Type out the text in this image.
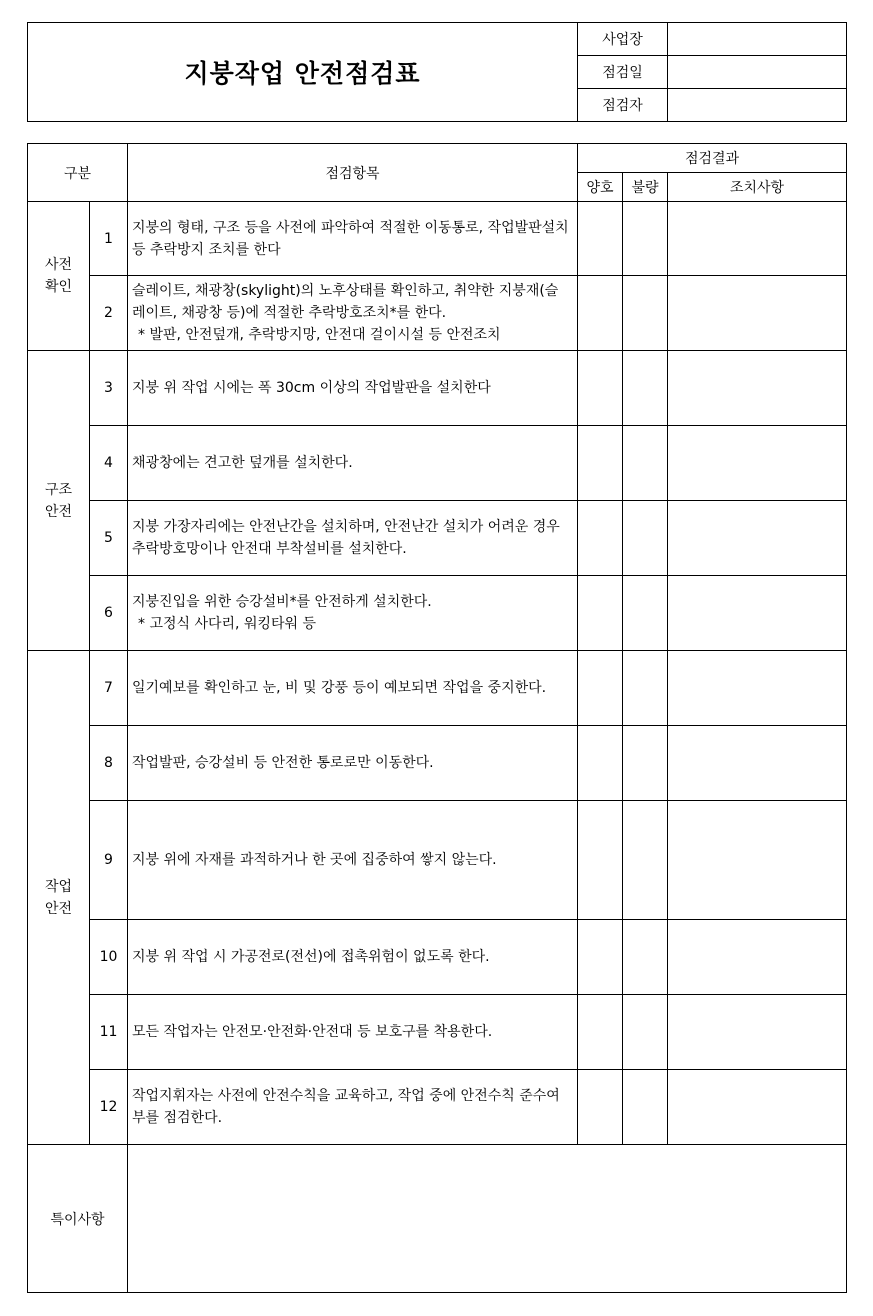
지붕작업 안전점검표	사업장	
	점검일	
	점검자	
구분		점검항목	점검결과		
			양호	불량	조치사항
사전
확인	1	지붕의 형태, 구조 등을 사전에 파악하여 적절한 이동통로, 작업발판설치 등 추락방지 조치를 한다			
	2	슬레이트, 채광창(skylight)의 노후상태를 확인하고, 취약한 지붕재(슬레이트, 채광창 등)에 적절한 추락방호조치*를 한다.
* 발판, 안전덮개, 추락방지망, 안전대 걸이시설 등 안전조치			

구조
안전	3	지붕 위 작업 시에는 폭 30cm 이상의 작업발판을 설치한다			
	4	채광창에는 견고한 덮개를 설치한다.			
	5	지붕 가장자리에는 안전난간을 설치하며, 안전난간 설치가 어려운 경우 추락방호망이나 안전대 부착설비를 설치한다.			
	6	지붕진입을 위한 승강설비*를 안전하게 설치한다.
* 고정식 사다리, 워킹타워 등			

작업
안전	7	일기예보를 확인하고 눈, 비 및 강풍 등이 예보되면 작업을 중지한다.			
	8	작업발판, 승강설비 등 안전한 통로로만 이동한다.			
	9	지붕 위에 자재를 과적하거나 한 곳에 집중하여 쌓지 않는다.			
	10	지붕 위 작업 시 가공전로(전선)에 접촉위험이 없도록 한다.			
	11	모든 작업자는 안전모·안전화·안전대 등 보호구를 착용한다.			
	12	작업지휘자는 사전에 안전수칙을 교육하고, 작업 중에 안전수칙 준수여부를 점검한다.			
특이사항					
